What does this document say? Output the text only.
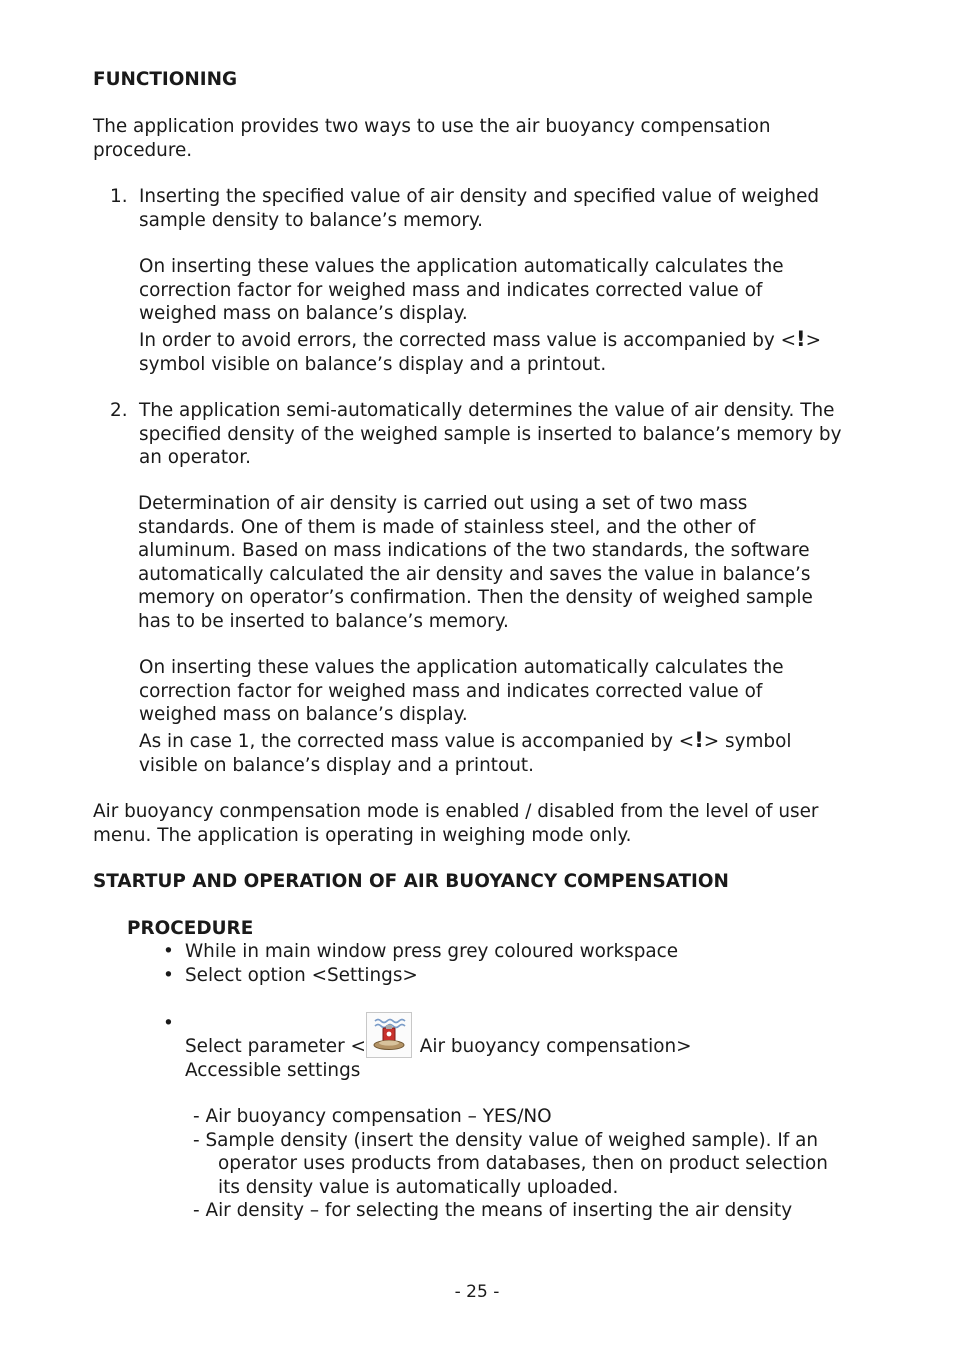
FUNCTIONING
The application provides two ways to use the air buoyancy compensation
procedure.
1. Inserting the specified value of air density and specified value of weighed
sample density to balance’s memory.
On inserting these values the application automatically calculates the
correction factor for weighed mass and indicates corrected value of
weighed mass on balance’s display.
In order to avoid errors, the corrected mass value is accompanied by <!>
symbol visible on balance’s display and a printout.
2. The application semi-automatically determines the value of air density. The
specified density of the weighed sample is inserted to balance’s memory by
an operator.
Determination of air density is carried out using a set of two mass
standards. One of them is made of stainless steel, and the other of
aluminum. Based on mass indications of the two standards, the software
automatically calculated the air density and saves the value in balance’s
memory on operator’s confirmation. Then the density of weighed sample
has to be inserted to balance’s memory.
On inserting these values the application automatically calculates the
correction factor for weighed mass and indicates corrected value of
weighed mass on balance’s display.
As in case 1, the corrected mass value is accompanied by <!> symbol
visible on balance’s display and a printout.
Air buoyancy conmpensation mode is enabled / disabled from the level of user
menu. The application is operating in weighing mode only.
STARTUP AND OPERATION OF AIR BUOYANCY COMPENSATION
PROCEDURE
• While in main window press grey coloured workspace
• Select option <Settings>
•
Select parameter <	Air buoyancy compensation>
Accessible settings
- Air buoyancy compensation – YES/NO
- Sample density (insert the density value of weighed sample). If an
operator uses products from databases, then on product selection
its density value is automatically uploaded.
- Air density – for selecting the means of inserting the air density
- 25 -
